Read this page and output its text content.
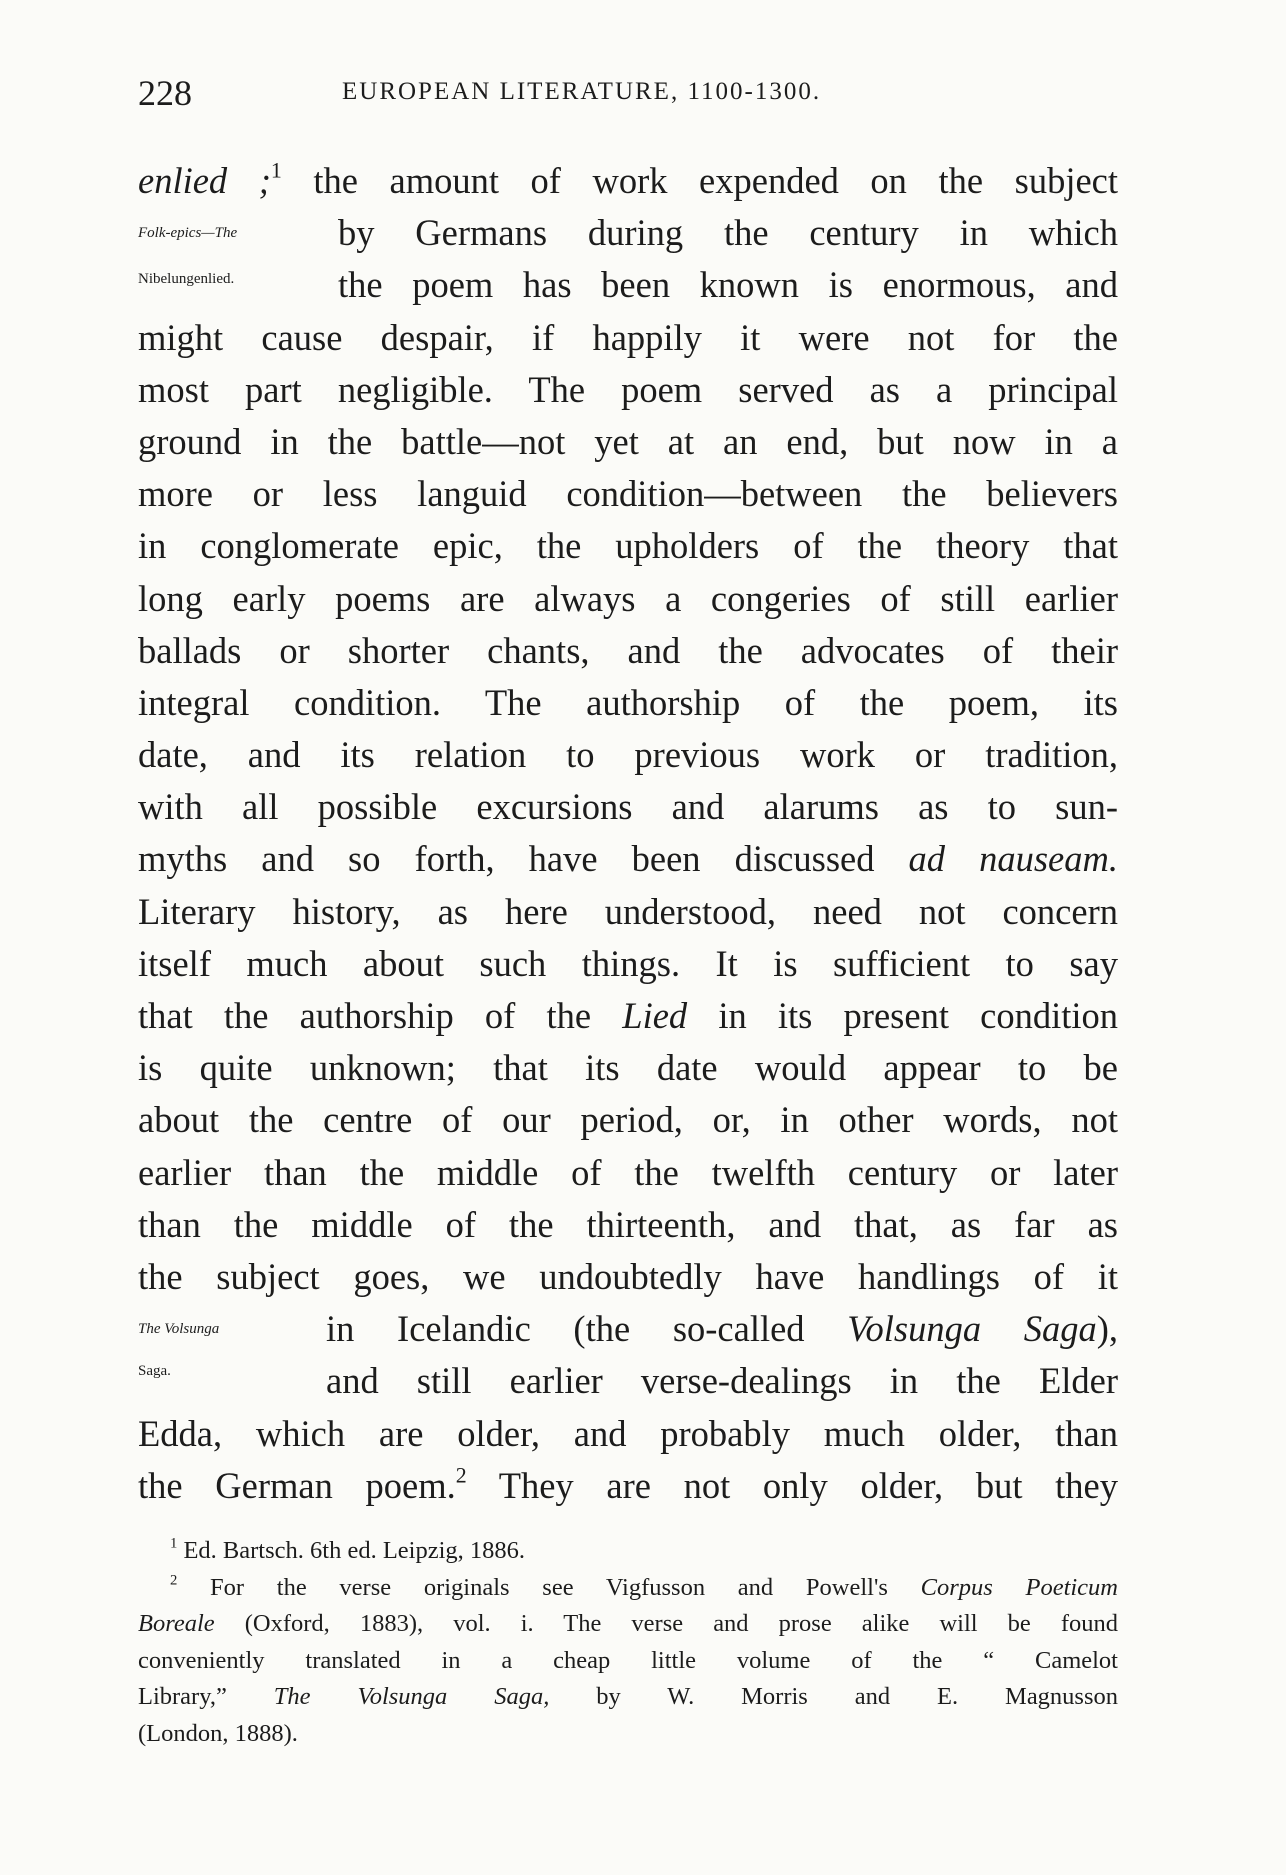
228	EUROPEAN LITERATURE, 1100-1300.
Folk-epics—The
Nibelungenlied.
The Volsunga
Saga.
enlied ;$^1$ the amount of work expended on the subject
by Germans during the century in which
the poem has been known is enormous, and
might cause despair, if happily it were not for the
most part negligible. The poem served as a principal
ground in the battle—not yet at an end, but now in a
more or less languid condition—between the believers
in conglomerate epic, the upholders of the theory that
long early poems are always a congeries of still earlier
ballads or shorter chants, and the advocates of their
integral condition. The authorship of the poem, its
date, and its relation to previous work or tradition,
with all possible excursions and alarums as to sun-
myths and so forth, have been discussed ad nauseam.
Literary history, as here understood, need not concern
itself much about such things. It is sufficient to say
that the authorship of the Lied in its present condition
is quite unknown; that its date would appear to be
about the centre of our period, or, in other words, not
earlier than the middle of the twelfth century or later
than the middle of the thirteenth, and that, as far as
the subject goes, we undoubtedly have handlings of it
in Icelandic (the so-called Volsunga Saga),
and still earlier verse-dealings in the Elder
Edda, which are older, and probably much older, than
the German poem.$^2$ They are not only older, but they
$^1$ Ed. Bartsch. 6th ed. Leipzig, 1886.
$^2$ For the verse originals see Vigfusson and Powell's Corpus Poeticum
Boreale (Oxford, 1883), vol. i. The verse and prose alike will be found
conveniently translated in a cheap little volume of the “ Camelot
Library,” The Volsunga Saga, by W. Morris and E. Magnusson
(London, 1888).
